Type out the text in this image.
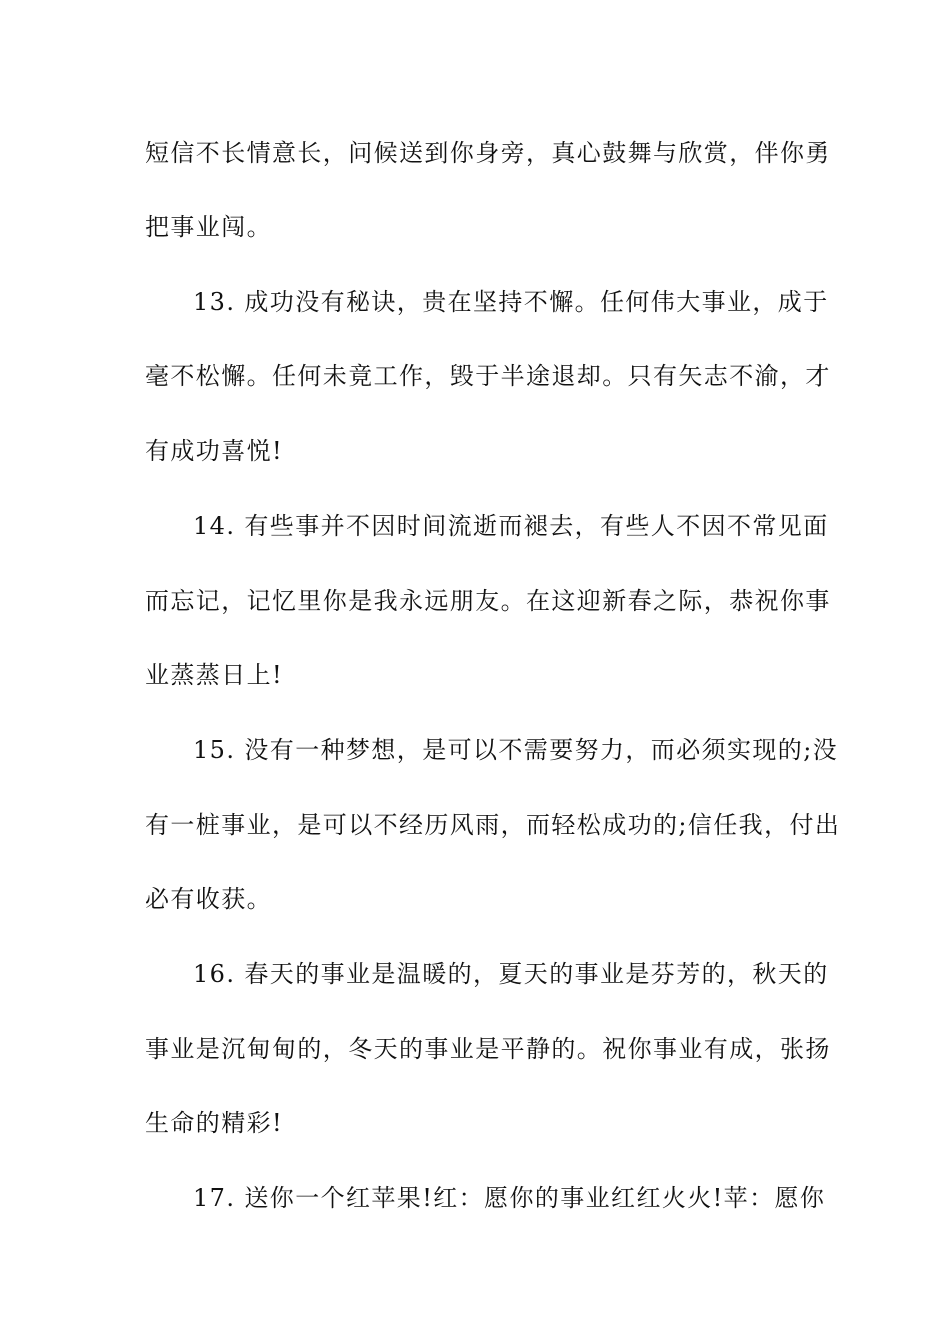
短信不长情意长，问候送到你身旁，真心鼓舞与欣赏，伴你勇
把事业闯。
13. 成功没有秘诀，贵在坚持不懈。任何伟大事业，成于
毫不松懈。任何未竟工作，毁于半途退却。只有矢志不渝，才
有成功喜悦!
14. 有些事并不因时间流逝而褪去，有些人不因不常见面
而忘记，记忆里你是我永远朋友。在这迎新春之际，恭祝你事
业蒸蒸日上!
15. 没有一种梦想，是可以不需要努力，而必须实现的;没
有一桩事业，是可以不经历风雨，而轻松成功的;信任我，付出
必有收获。
16. 春天的事业是温暖的，夏天的事业是芬芳的，秋天的
事业是沉甸甸的，冬天的事业是平静的。祝你事业有成，张扬
生命的精彩!
17. 送你一个红苹果!红：愿你的事业红红火火!苹：愿你
